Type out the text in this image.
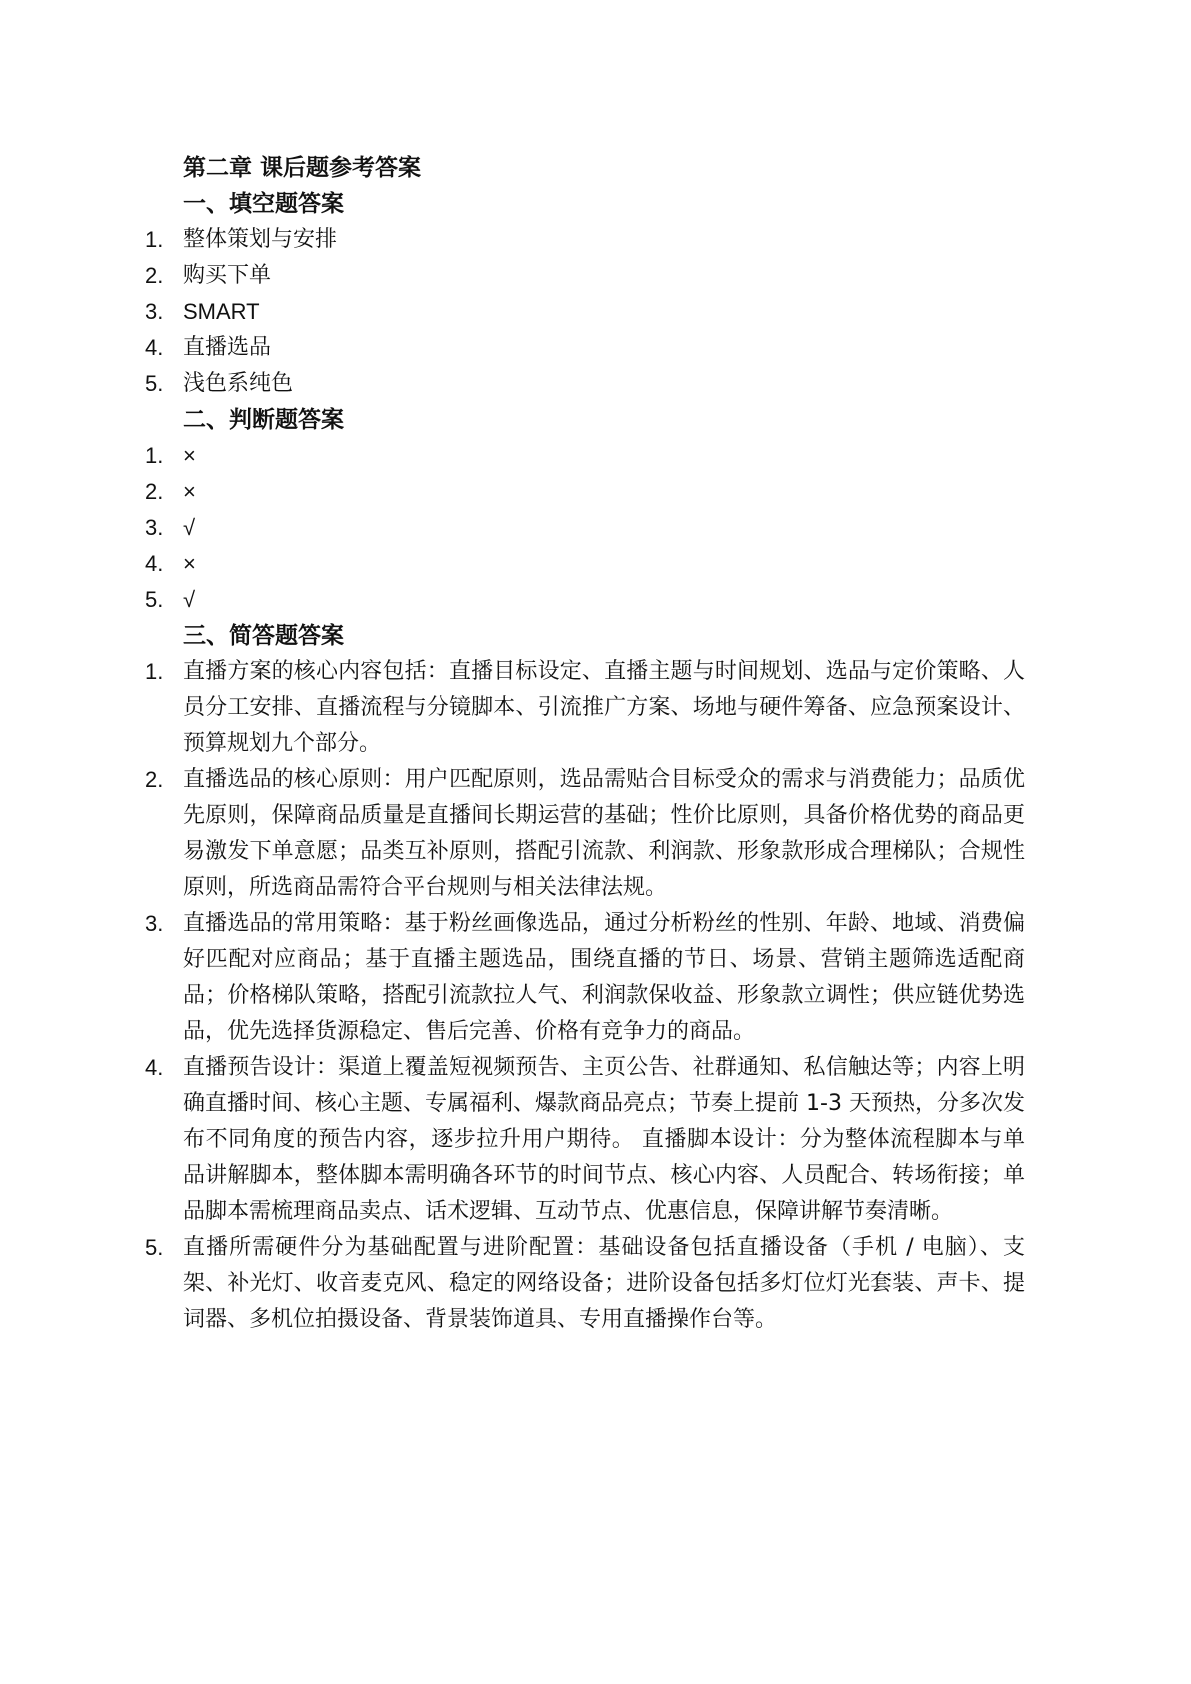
第二章 课后题参考答案
一、填空题答案
1. 整体策划与安排
2. 购买下单
3. SMART
4. 直播选品
5. 浅色系纯色
二、判断题答案
1. ×
2. ×
3. √
4. ×
5. √
三、简答题答案
1. 直播方案的核心内容包括：直播目标设定、直播主题与时间规划、选品与定价策略、人员分工安排、直播流程与分镜脚本、引流推广方案、场地与硬件筹备、应急预案设计、预算规划九个部分。
2. 直播选品的核心原则：用户匹配原则，选品需贴合目标受众的需求与消费能力；品质优先原则，保障商品质量是直播间长期运营的基础；性价比原则，具备价格优势的商品更易激发下单意愿；品类互补原则，搭配引流款、利润款、形象款形成合理梯队；合规性原则，所选商品需符合平台规则与相关法律法规。
3. 直播选品的常用策略：基于粉丝画像选品，通过分析粉丝的性别、年龄、地域、消费偏好匹配对应商品；基于直播主题选品，围绕直播的节日、场景、营销主题筛选适配商品；价格梯队策略，搭配引流款拉人气、利润款保收益、形象款立调性；供应链优势选品，优先选择货源稳定、售后完善、价格有竞争力的商品。
4. 直播预告设计：渠道上覆盖短视频预告、主页公告、社群通知、私信触达等；内容上明确直播时间、核心主题、专属福利、爆款商品亮点；节奏上提前 1-3 天预热，分多次发布不同角度的预告内容，逐步拉升用户期待。 直播脚本设计：分为整体流程脚本与单品讲解脚本，整体脚本需明确各环节的时间节点、核心内容、人员配合、转场衔接；单品脚本需梳理商品卖点、话术逻辑、互动节点、优惠信息，保障讲解节奏清晰。
5. 直播所需硬件分为基础配置与进阶配置：基础设备包括直播设备（手机 / 电脑）、支架、补光灯、收音麦克风、稳定的网络设备；进阶设备包括多灯位灯光套装、声卡、提词器、多机位拍摄设备、背景装饰道具、专用直播操作台等。
